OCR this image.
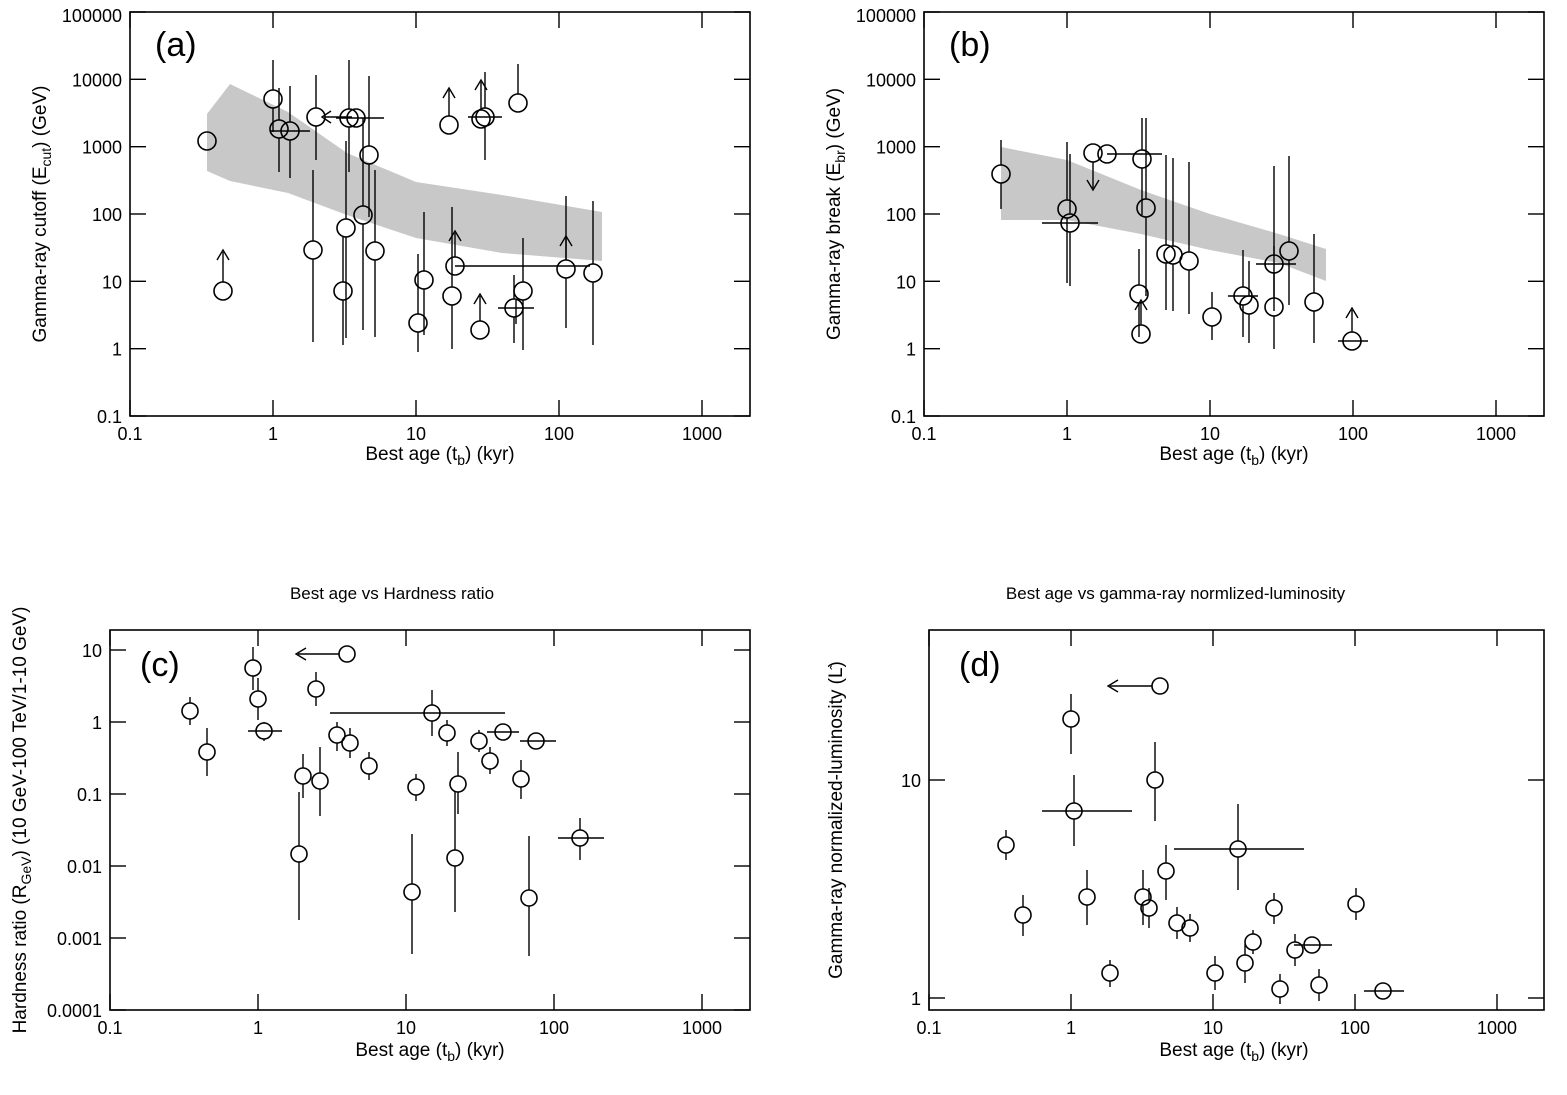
0.1
1
10
100
1000
10000
100000
0.1	1	10	100	1000
(a)
Best age $(t_b)$ (kyr)
Gamma-ray cutoff $(E_{cut})$ (GeV)
0.1
1
10
100
1000
10000
100000
0.1	1	10	100	1000
(b)
Best age $(t_b)$ (kyr)
Gamma-ray break $(E_{br})$ (GeV)
Best age vs Hardness ratio
0.0001
0.001
0.01
0.1
1
10
0.1	1	10	100	1000
(c)
Best age $(t_b)$ (kyr)
Hardness ratio $(R_{GeV})$ (10 GeV-100 TeV/1-10 GeV)
Best age vs gamma-ray normlized-luminosity
1
10
0.1	1	10	100	1000
(d)
Best age $(t_b)$ (kyr)
Gamma-ray normalized-luminosity (L)
